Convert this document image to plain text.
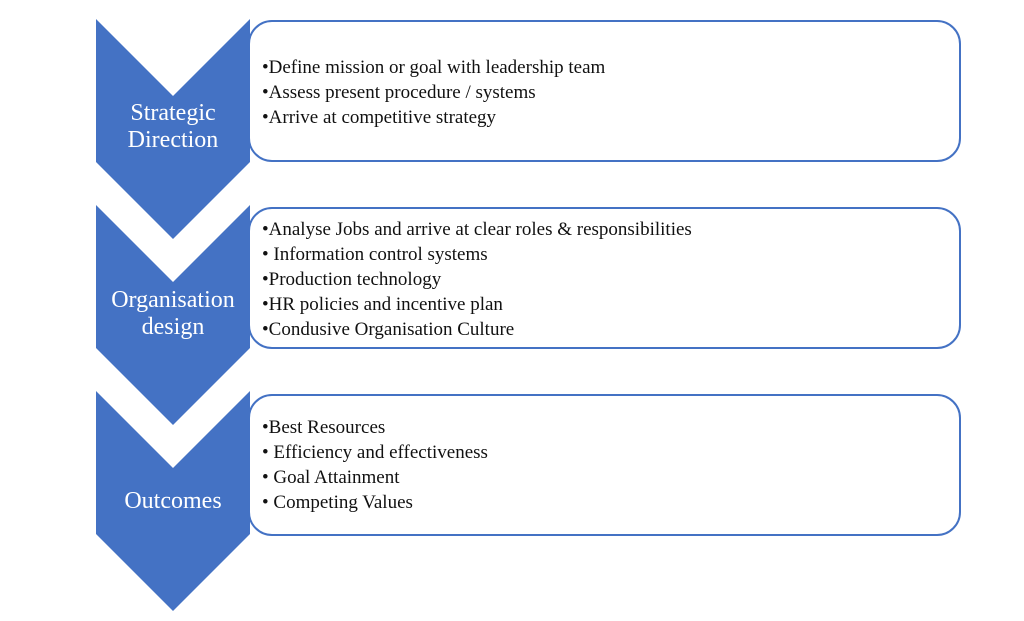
•Define mission or goal with leadership team
•Assess present procedure / systems
•Arrive at competitive strategy
Strategic
Direction
•Analyse Jobs and arrive at clear roles & responsibilities
• Information control systems
•Production technology
•HR policies and incentive plan
•Condusive Organisation Culture
Organisation
design
•Best Resources
• Efficiency and effectiveness
• Goal Attainment
• Competing Values
Outcomes
